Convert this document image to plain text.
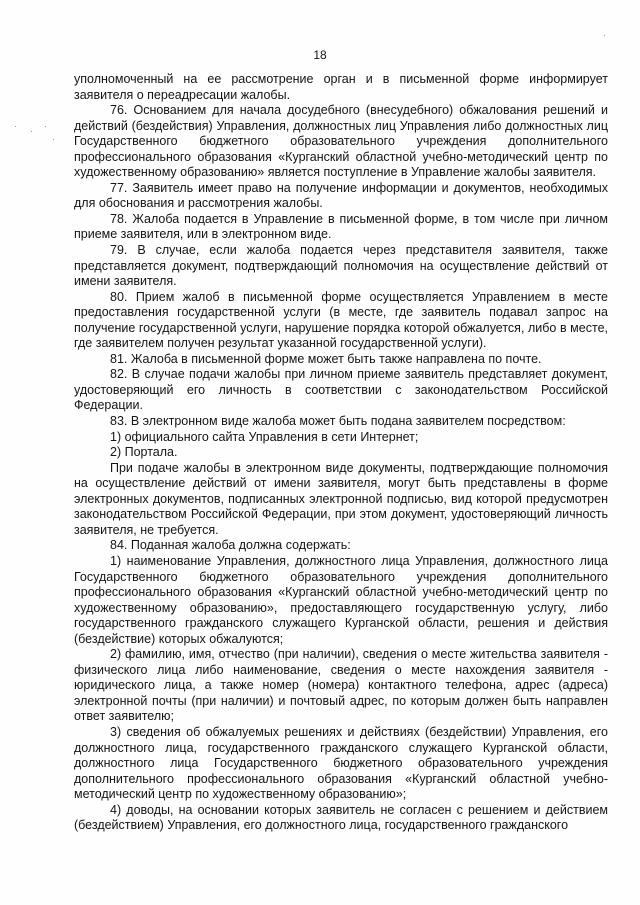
18
· · ·
·
·

уполномоченный на ее рассмотрение орган и в письменной форме информирует заявителя о переадресации жалобы.

76. Основанием для начала досудебного (внесудебного) обжалования решений и действий (бездействия) Управления, должностных лиц Управления либо должностных лиц Государственного бюджетного образовательного учреждения дополнительного профессионального образования «Курганский областной учебно-методический центр по художественному образованию» является поступление в Управление жалобы заявителя.

77. Заявитель имеет право на получение информации и документов, необходимых для обоснования и рассмотрения жалобы.

78. Жалоба подается в Управление в письменной форме, в том числе при личном приеме заявителя, или в электронном виде.

79. В случае, если жалоба подается через представителя заявителя, также представляется документ, подтверждающий полномочия на осуществление действий от имени заявителя.

80. Прием жалоб в письменной форме осуществляется Управлением в месте предоставления государственной услуги (в месте, где заявитель подавал запрос на получение государственной услуги, нарушение порядка которой обжалуется, либо в месте, где заявителем получен результат указанной государственной услуги).

81. Жалоба в письменной форме может быть также направлена по почте.

82. В случае подачи жалобы при личном приеме заявитель представляет документ, удостоверяющий его личность в соответствии с законодательством Российской Федерации.

83. В электронном виде жалоба может быть подана заявителем посредством:

1) официального сайта Управления в сети Интернет;

2) Портала.

При подаче жалобы в электронном виде документы, подтверждающие полномочия на осуществление действий от имени заявителя, могут быть представлены в форме электронных документов, подписанных электронной подписью, вид которой предусмотрен законодательством Российской Федерации, при этом документ, удостоверяющий личность заявителя, не требуется.

84. Поданная жалоба должна содержать:

1) наименование Управления, должностного лица Управления, должностного лица Государственного бюджетного образовательного учреждения дополнительного профессионального образования «Курганский областной учебно-методический центр по художественному образованию», предоставляющего государственную услугу, либо государственного гражданского служащего Курганской области, решения и действия (бездействие) которых обжалуются;

2) фамилию, имя, отчество (при наличии), сведения о месте жительства заявителя - физического лица либо наименование, сведения о месте нахождения заявителя - юридического лица, а также номер (номера) контактного телефона, адрес (адреса) электронной почты (при наличии) и почтовый адрес, по которым должен быть направлен ответ заявителю;

3) сведения об обжалуемых решениях и действиях (бездействии) Управления, его должностного лица, государственного гражданского служащего Курганской области, должностного лица Государственного бюджетного образовательного учреждения дополнительного профессионального образования «Курганский областной учебно-методический центр по художественному образованию»;

4) доводы, на основании которых заявитель не согласен с решением и действием (бездействием) Управления, его должностного лица, государственного гражданского
